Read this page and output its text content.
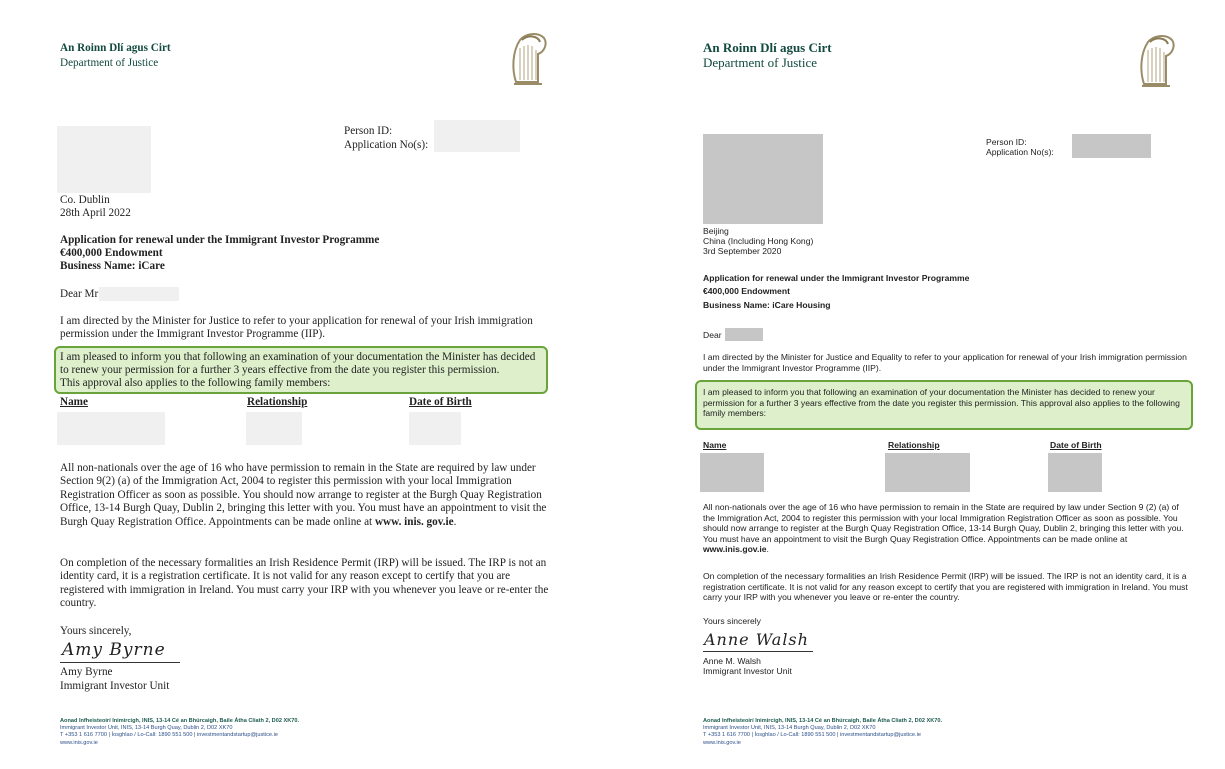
An Roinn Dlí agus Cirt
Department of Justice
Person ID:
Application No(s):
Co. Dublin
28th April 2022
Application for renewal under the Immigrant Investor Programme
€400,000 Endowment
Business Name: iCare
Dear Mr
I am directed by the Minister for Justice to refer to your application for renewal of your Irish immigration permission under the Immigrant Investor Programme (IIP).
I am pleased to inform you that following an examination of your documentation the Minister has decided
to renew your permission for a further 3 years effective from the date you register this permission.
This approval also applies to the following family members:
Name	Relationship	Date of Birth
All non-nationals over the age of 16 who have permission to remain in the State are required by law under Section 9(2) (a) of the Immigration Act, 2004 to register this permission with your local Immigration Registration Officer as soon as possible. You should now arrange to register at the Burgh Quay Registration Office, 13-14 Burgh Quay, Dublin 2, bringing this letter with you. You must have an appointment to visit the Burgh Quay Registration Office. Appointments can be made online at www. inis. gov.ie.
On completion of the necessary formalities an Irish Residence Permit (IRP) will be issued. The IRP is not an identity card, it is a registration certificate. It is not valid for any reason except to certify that you are registered with immigration in Ireland. You must carry your IRP with you whenever you leave or re-enter the country.
Yours sincerely,
Amy Byrne
Amy Byrne
Immigrant Investor Unit
Aonad Infheisteoirí Inimircigh, INIS, 13-14 Cé an Bhúrcaigh, Baile Átha Cliath 2, D02 XK70.
Immigrant Investor Unit, INIS, 13-14 Burgh Quay, Dublin 2, D02 XK70
T +353 1 616 7700 | Íosghlao / Lo-Call: 1890 551 500 | investmentandstartup@justice.ie
www.inis.gov.ie
An Roinn Dlí agus Cirt
Department of Justice
Person ID:
Application No(s):
Beijing
China (Including Hong Kong)
3rd September 2020
Application for renewal under the Immigrant Investor Programme
€400,000 Endowment
Business Name: iCare Housing
Dear
I am directed by the Minister for Justice and Equality to refer to your application for renewal of your Irish immigration permission under the Immigrant Investor Programme (IIP).
I am pleased to inform you that following an examination of your documentation the Minister has decided to renew your permission for a further 3 years effective from the date you register this permission. This approval also applies to the following family members:
Name	Relationship	Date of Birth
All non-nationals over the age of 16 who have permission to remain in the State are required by law under Section 9 (2) (a) of the Immigration Act, 2004 to register this permission with your local Immigration Registration Officer as soon as possible. You should now arrange to register at the Burgh Quay Registration Office, 13-14 Burgh Quay, Dublin 2, bringing this letter with you. You must have an appointment to visit the Burgh Quay Registration Office. Appointments can be made online at www.inis.gov.ie.
On completion of the necessary formalities an Irish Residence Permit (IRP) will be issued. The IRP is not an identity card, it is a registration certificate. It is not valid for any reason except to certify that you are registered with immigration in Ireland. You must carry your IRP with you whenever you leave or re-enter the country.
Yours sincerely
Anne Walsh
Anne M. Walsh
Immigrant Investor Unit
Aonad Infheisteoirí Inimircigh, INIS, 13-14 Cé an Bhúrcaigh, Baile Átha Cliath 2, D02 XK70.
Immigrant Investor Unit, INIS, 13-14 Burgh Quay, Dublin 2, D02 XK70
T +353 1 616 7700 | Íosghlao / Lo-Call: 1890 551 500 | investmentandstartup@justice.ie
www.inis.gov.ie
